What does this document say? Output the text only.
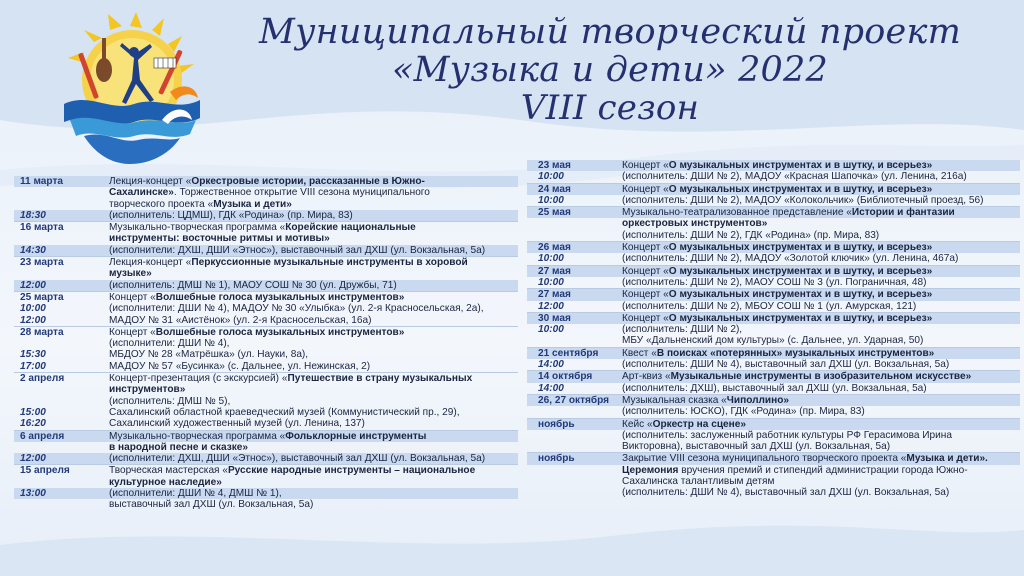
Муниципальный творческий проект
«Музыка и дети» 2022
VIII сезон
11 марта	Лекция-концерт «Оркестровые истории, рассказанные в Южно-
Сахалинске». Торжественное открытие VIII сезона муниципального
творческого проекта «Музыка и дети»
18:30	(исполнитель: ЦДМШ), ГДК «Родина» (пр. Мира, 83)
16 марта	Музыкально-творческая программа «Корейские национальные
инструменты: восточные ритмы и мотивы»
14:30	(исполнители: ДХШ, ДШИ «Этнос»), выставочный зал ДХШ (ул. Вокзальная, 5а)
23 марта	Лекция-концерт «Перкуссионные музыкальные инструменты в хоровой
музыке»
12:00	(исполнитель: ДМШ № 1), МАОУ СОШ № 30 (ул. Дружбы, 71)
25 марта	Концерт «Волшебные голоса музыкальных инструментов»
10:00	(исполнители: ДШИ № 4), МАДОУ № 30 «Улыбка» (ул. 2-я Красносельская, 2а),
12:00	МАДОУ № 31 «Аистёнок» (ул. 2-я Красносельская, 16а)
28 марта	Концерт «Волшебные голоса музыкальных инструментов»
(исполнители: ДШИ № 4),
15:30	МБДОУ № 28 «Матрёшка» (ул. Науки, 8а),
17:00	МАДОУ № 57 «Бусинка» (с. Дальнее, ул. Нежинская, 2)
2 апреля	Концерт-презентация (с экскурсией) «Путешествие в страну музыкальных
инструментов»
(исполнитель: ДМШ № 5),
15:00	Сахалинский областной краеведческий музей (Коммунистический пр., 29),
16:20	Сахалинский художественный музей (ул. Ленина, 137)
6 апреля	Музыкально-творческая программа «Фольклорные инструменты
в народной песне и сказке»
12:00	(исполнители: ДХШ, ДШИ «Этнос»), выставочный зал ДХШ (ул. Вокзальная, 5а)
15 апреля	Творческая мастерская «Русские народные инструменты – национальное
культурное наследие»
13:00	(исполнители: ДШИ № 4, ДМШ № 1),
выставочный зал ДХШ (ул. Вокзальная, 5а)
23 мая	Концерт «О музыкальных инструментах и в шутку, и всерьез»
10:00	(исполнитель: ДШИ № 2), МАДОУ «Красная Шапочка» (ул. Ленина, 216а)
24 мая	Концерт «О музыкальных инструментах и в шутку, и всерьез»
10:00	(исполнитель: ДШИ № 2), МАДОУ «Колокольчик» (Библиотечный проезд, 56)
25 мая	Музыкально-театрализованное представление «Истории и фантазии
оркестровых инструментов»
(исполнитель: ДШИ № 2), ГДК «Родина» (пр. Мира, 83)
26 мая	Концерт «О музыкальных инструментах и в шутку, и всерьез»
10:00	(исполнитель: ДШИ № 2), МАДОУ «Золотой ключик» (ул. Ленина, 467а)
27 мая	Концерт «О музыкальных инструментах и в шутку, и всерьез»
10:00	(исполнитель: ДШИ № 2), МАОУ СОШ № 3 (ул. Пограничная, 48)
27 мая	Концерт «О музыкальных инструментах и в шутку, и всерьез»
12:00	(исполнитель: ДШИ № 2), МБОУ СОШ № 1 (ул. Амурская, 121)
30 мая	Концерт «О музыкальных инструментах и в шутку, и всерьез»
10:00	(исполнитель: ДШИ № 2),
МБУ «Дальненский дом культуры» (с. Дальнее, ул. Ударная, 50)
21 сентября	Квест «В поисках «потерянных» музыкальных инструментов»
14:00	(исполнитель: ДШИ № 4), выставочный зал ДХШ (ул. Вокзальная, 5а)
14 октября	Арт-квиз «Музыкальные инструменты в изобразительном искусстве»
14:00	(исполнитель: ДХШ), выставочный зал ДХШ (ул. Вокзальная, 5а)
26, 27 октября	Музыкальная сказка «Чиполлино»
(исполнитель: ЮСКО), ГДК «Родина» (пр. Мира, 83)
ноябрь	Кейс «Оркестр на сцене»
(исполнитель: заслуженный работник культуры РФ Герасимова Ирина
Викторовна), выставочный зал ДХШ (ул. Вокзальная, 5а)
ноябрь	Закрытие VIII сезона муниципального творческого проекта «Музыка и дети».
Церемония вручения премий и стипендий администрации города Южно-
Сахалинска талантливым детям
(исполнитель: ДШИ № 4), выставочный зал ДХШ (ул. Вокзальная, 5а)
